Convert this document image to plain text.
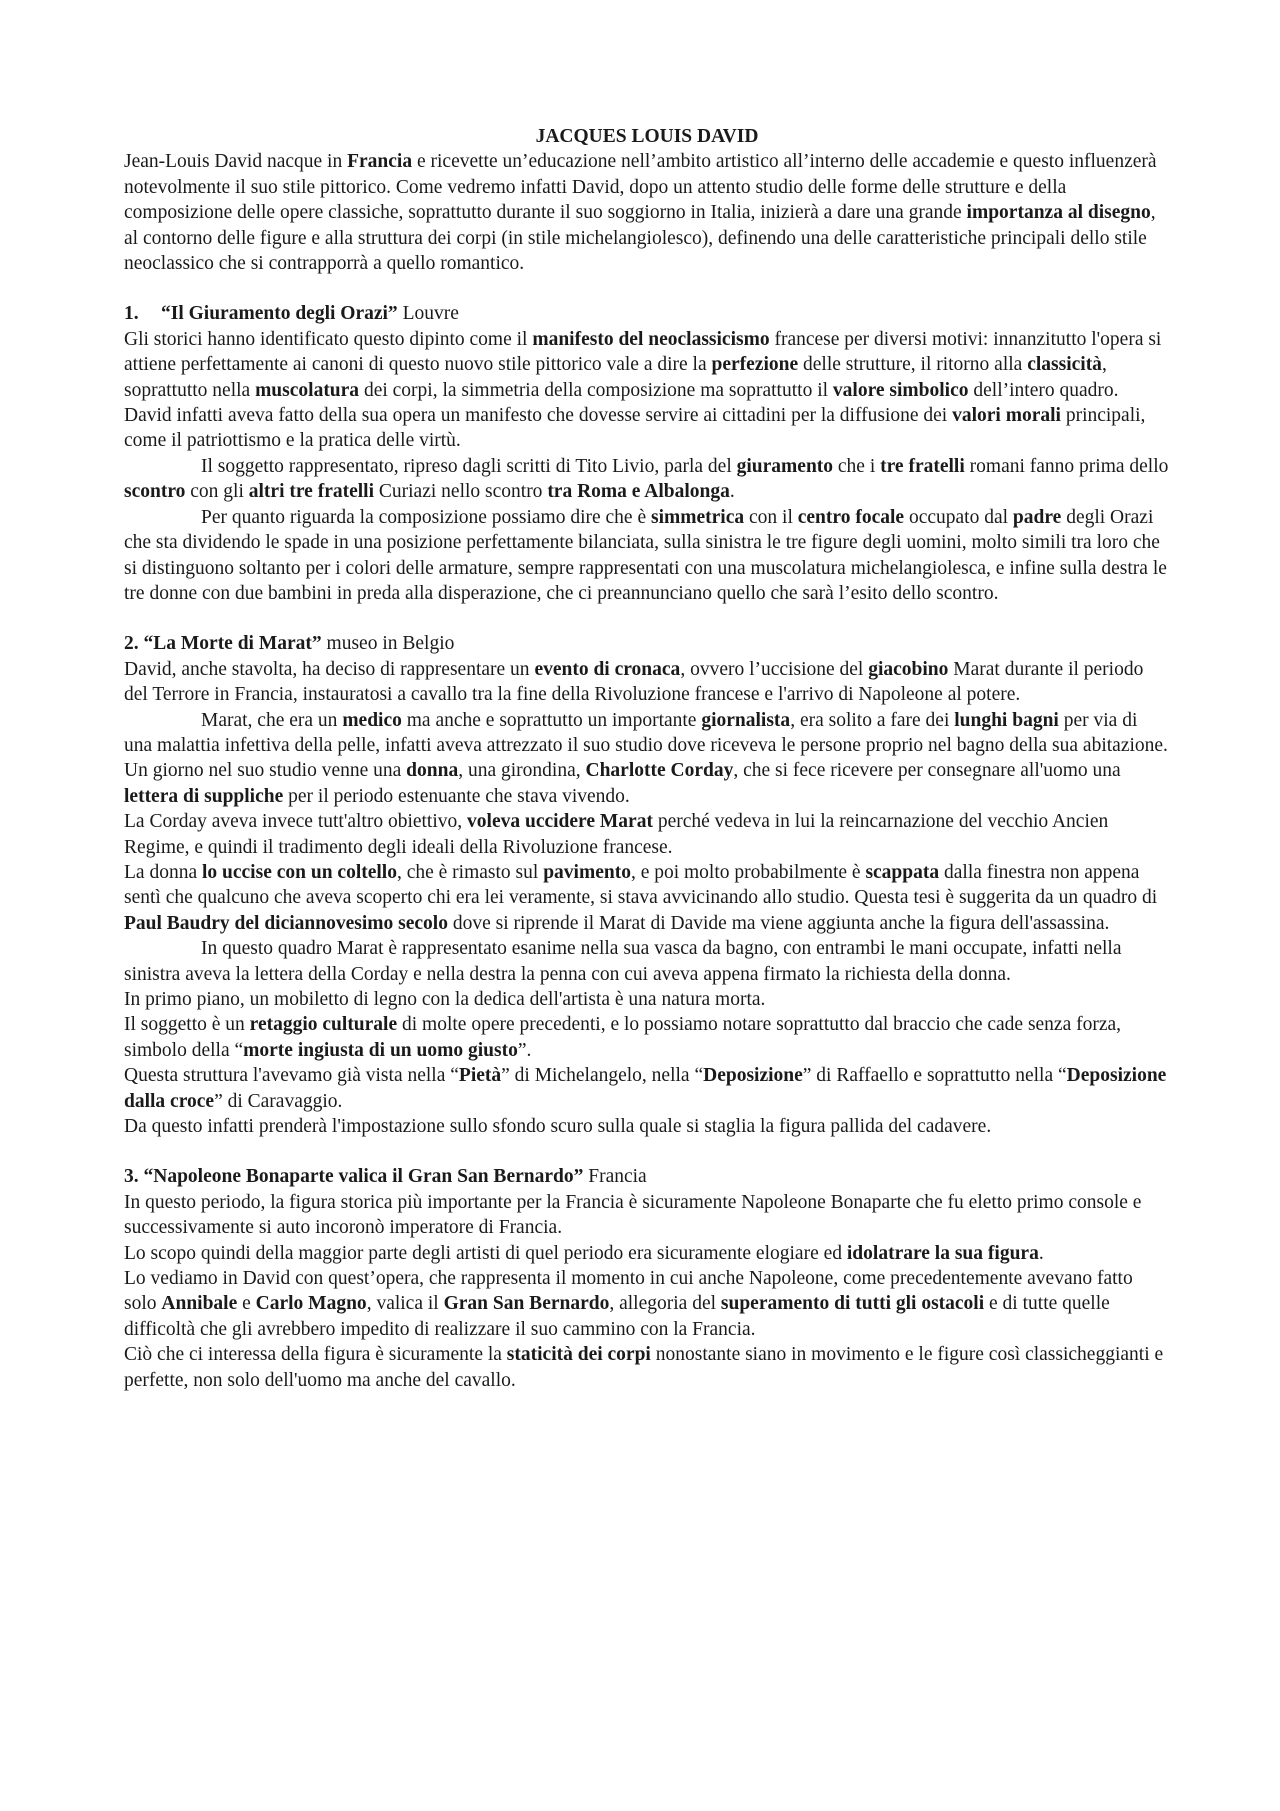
JACQUES LOUIS DAVID

Jean-Louis David nacque in Francia e ricevette un’educazione nell’ambito artistico all’interno delle accademie e questo influenzerà notevolmente il suo stile pittorico. Come vedremo infatti David, dopo un attento studio delle forme delle strutture e della composizione delle opere classiche, soprattutto durante il suo soggiorno in Italia, inizierà a dare una grande importanza al disegno, al contorno delle figure e alla struttura dei corpi (in stile michelangiolesco), definendo una delle caratteristiche principali dello stile neoclassico che si contrapporrà a quello romantico.

1. “Il Giuramento degli Orazi” Louvre

Gli storici hanno identificato questo dipinto come il manifesto del neoclassicismo francese per diversi motivi: innanzitutto l'opera si attiene perfettamente ai canoni di questo nuovo stile pittorico vale a dire la perfezione delle strutture, il ritorno alla classicità, soprattutto nella muscolatura dei corpi, la simmetria della composizione ma soprattutto il valore simbolico dell’intero quadro.

David infatti aveva fatto della sua opera un manifesto che dovesse servire ai cittadini per la diffusione dei valori morali principali, come il patriottismo e la pratica delle virtù.

Il soggetto rappresentato, ripreso dagli scritti di Tito Livio, parla del giuramento che i tre fratelli romani fanno prima dello scontro con gli altri tre fratelli Curiazi nello scontro tra Roma e Albalonga.

Per quanto riguarda la composizione possiamo dire che è simmetrica con il centro focale occupato dal padre degli Orazi che sta dividendo le spade in una posizione perfettamente bilanciata, sulla sinistra le tre figure degli uomini, molto simili tra loro che si distinguono soltanto per i colori delle armature, sempre rappresentati con una muscolatura michelangiolesca, e infine sulla destra le tre donne con due bambini in preda alla disperazione, che ci preannunciano quello che sarà l’esito dello scontro.

2. “La Morte di Marat” museo in Belgio

David, anche stavolta, ha deciso di rappresentare un evento di cronaca, ovvero l’uccisione del giacobino Marat durante il periodo del Terrore in Francia, instauratosi a cavallo tra la fine della Rivoluzione francese e l'arrivo di Napoleone al potere.

Marat, che era un medico ma anche e soprattutto un importante giornalista, era solito a fare dei lunghi bagni per via di una malattia infettiva della pelle, infatti aveva attrezzato il suo studio dove riceveva le persone proprio nel bagno della sua abitazione.

Un giorno nel suo studio venne una donna, una girondina, Charlotte Corday, che si fece ricevere per consegnare all'uomo una lettera di suppliche per il periodo estenuante che stava vivendo.

La Corday aveva invece tutt'altro obiettivo, voleva uccidere Marat perché vedeva in lui la reincarnazione del vecchio Ancien Regime, e quindi il tradimento degli ideali della Rivoluzione francese.

La donna lo uccise con un coltello, che è rimasto sul pavimento, e poi molto probabilmente è scappata dalla finestra non appena sentì che qualcuno che aveva scoperto chi era lei veramente, si stava avvicinando allo studio. Questa tesi è suggerita da un quadro di Paul Baudry del diciannovesimo secolo dove si riprende il Marat di Davide ma viene aggiunta anche la figura dell'assassina.

In questo quadro Marat è rappresentato esanime nella sua vasca da bagno, con entrambi le mani occupate, infatti nella sinistra aveva la lettera della Corday e nella destra la penna con cui aveva appena firmato la richiesta della donna.

In primo piano, un mobiletto di legno con la dedica dell'artista è una natura morta.

Il soggetto è un retaggio culturale di molte opere precedenti, e lo possiamo notare soprattutto dal braccio che cade senza forza, simbolo della “morte ingiusta di un uomo giusto”.

Questa struttura l'avevamo già vista nella “Pietà” di Michelangelo, nella “Deposizione” di Raffaello e soprattutto nella “Deposizione dalla croce” di Caravaggio.

Da questo infatti prenderà l'impostazione sullo sfondo scuro sulla quale si staglia la figura pallida del cadavere.

3. “Napoleone Bonaparte valica il Gran San Bernardo” Francia

In questo periodo, la figura storica più importante per la Francia è sicuramente Napoleone Bonaparte che fu eletto primo console e successivamente si auto incoronò imperatore di Francia.

Lo scopo quindi della maggior parte degli artisti di quel periodo era sicuramente elogiare ed idolatrare la sua figura.

Lo vediamo in David con quest’opera, che rappresenta il momento in cui anche Napoleone, come precedentemente avevano fatto solo Annibale e Carlo Magno, valica il Gran San Bernardo, allegoria del superamento di tutti gli ostacoli e di tutte quelle difficoltà che gli avrebbero impedito di realizzare il suo cammino con la Francia.

Ciò che ci interessa della figura è sicuramente la staticità dei corpi nonostante siano in movimento e le figure così classicheggianti e perfette, non solo dell'uomo ma anche del cavallo.
